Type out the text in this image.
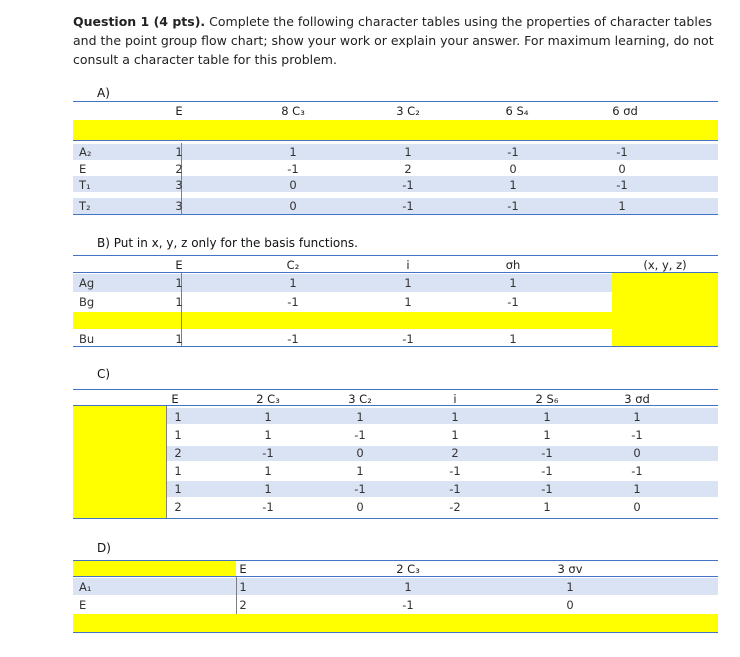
Question 1 (4 pts). Complete the following character tables using the properties of character tables and the point group flow chart; show your work or explain your answer. For maximum learning, do not consult a character table for this problem.
A)
E	8 C₃	3 C₂	6 S₄	6 σd
A₂	1	1	1	-1	-1
E	2	-1	2	0	0
T₁	3	0	-1	1	-1
T₂	3	0	-1	-1	1
B) Put in x, y, z only for the basis functions.
E	C₂	i	σh	(x, y, z)
Ag	1	1	1	1
Bg	1	-1	1	-1
Bu	1	-1	-1	1
C)
E	2 C₃	3 C₂	i	2 S₆	3 σd
1	1	1	1	1	1
1	1	-1	1	1	-1
2	-1	0	2	-1	0
1	1	1	-1	-1	-1
1	1	-1	-1	-1	1
2	-1	0	-2	1	0
D)
E	2 C₃	3 σv
A₁	1	1	1
E	2	-1	0
